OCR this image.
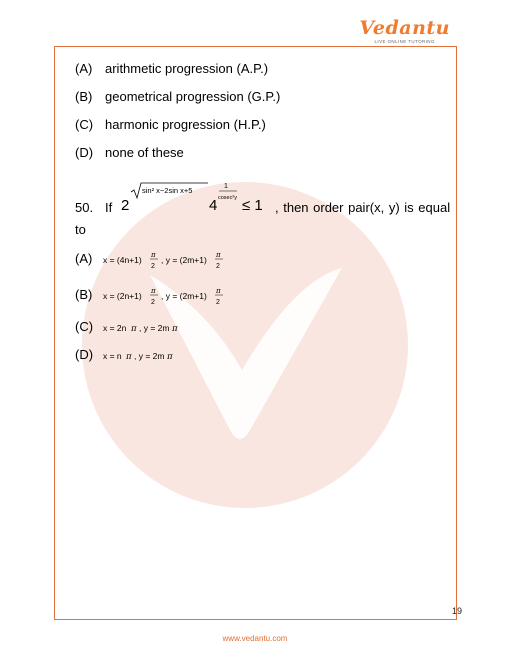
Vedantu
LIVE ONLINE TUTORING
(A) arithmetic progression (A.P.)
(B) geometrical progression (G.P.)
(C) harmonic progression (H.P.)
(D) none of these
50. If 2
sin² x−2sin x+5
4
1
cosec²y ≤ 1 , then order pair(x, y) is equal
to
(A) x = (4n+1) π
2
, y = (2m+1) π
2
(B) x = (2n+1) π
2
, y = (2m+1) π
2
(C) x = 2n π , y = 2m π
(D) x = n π , y = 2m π
19
www.vedantu.com
